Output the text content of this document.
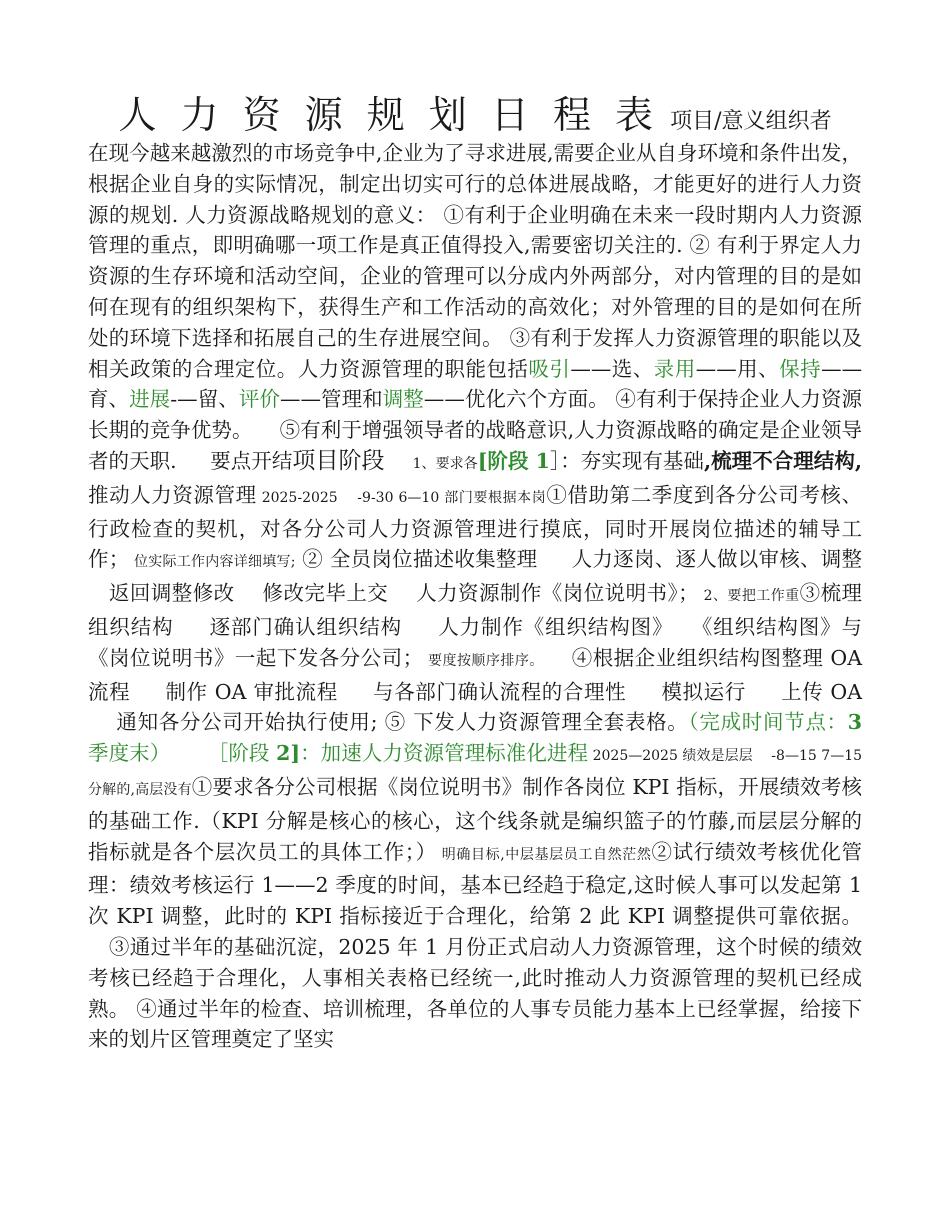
人 力 资 源 规 划 日 程 表 项目/意义组织者

在现今越来越激烈的市场竞争中,企业为了寻求进展,需要企业从自身环境和条件出发，根据企业自身的实际情况，制定出切实可行的总体进展战略，才能更好的进行人力资源的规划. 人力资源战略规划的意义： ①有利于企业明确在未来一段时期内人力资源管理的重点，即明确哪一项工作是真正值得投入,需要密切关注的. ② 有利于界定人力资源的生存环境和活动空间，企业的管理可以分成内外两部分，对内管理的目的是如何在现有的组织架构下，获得生产和工作活动的高效化；对外管理的目的是如何在所处的环境下选择和拓展自己的生存进展空间。 ③有利于发挥人力资源管理的职能以及相关政策的合理定位。人力资源管理的职能包括吸引——选、录用——用、保持——育、进展-—留、评价——管理和调整——优化六个方面。 ④有利于保持企业人力资源长期的竞争优势。 　⑤有利于增强领导者的战略意识,人力资源战略的确定是企业领导者的天职. 　 要点开结项目阶段　　1、要求各[阶段 1］：夯实现有基础,梳理不合理结构,推动人力资源管理 2025-2025 　-9-30 6—10 部门要根据本岗①借助第二季度到各分公司考核、行政检查的契机，对各分公司人力资源管理进行摸底，同时开展岗位描述的辅导工作； 位实际工作内容详细填写; ② 全员岗位描述收集整理 　 人力逐岗、逐人做以审核、调整 　返回调整修改 　修改完毕上交 　人力资源制作《岗位说明书》； 2、要把工作重③梳理组织结构 　 逐部门确认组织结构 　 人力制作《组织结构图》 　《组织结构图》与《岗位说明书》一起下发各分公司； 要度按顺序排序。 　④根据企业组织结构图整理 OA 流程 　 制作 OA 审批流程 　 与各部门确认流程的合理性 　 模拟运行 　 上传 OA 　 通知各分公司开始执行使用; ⑤ 下发人力资源管理全套表格。（完成时间节点：3 季度末） 　　［阶段 2]：加速人力资源管理标准化进程 2025—2025 绩效是层层 　-8—15 7—15 分解的,高层没有①要求各分公司根据《岗位说明书》制作各岗位 KPI 指标，开展绩效考核的基础工作.（KPI 分解是核心的核心，这个线条就是编织篮子的竹藤,而层层分解的指标就是各个层次员工的具体工作；） 明确目标,中层基层员工自然茫然②试行绩效考核优化管理：绩效考核运行 1——2 季度的时间，基本已经趋于稳定,这时候人事可以发起第 1 次 KPI 调整，此时的 KPI 指标接近于合理化，给第 2 此 KPI 调整提供可靠依据。 　③通过半年的基础沉淀，2025 年 1 月份正式启动人力资源管理，这个时候的绩效考核已经趋于合理化，人事相关表格已经统一,此时推动人力资源管理的契机已经成熟。 ④通过半年的检查、培训梳理，各单位的人事专员能力基本上已经掌握，给接下来的划片区管理奠定了坚实
